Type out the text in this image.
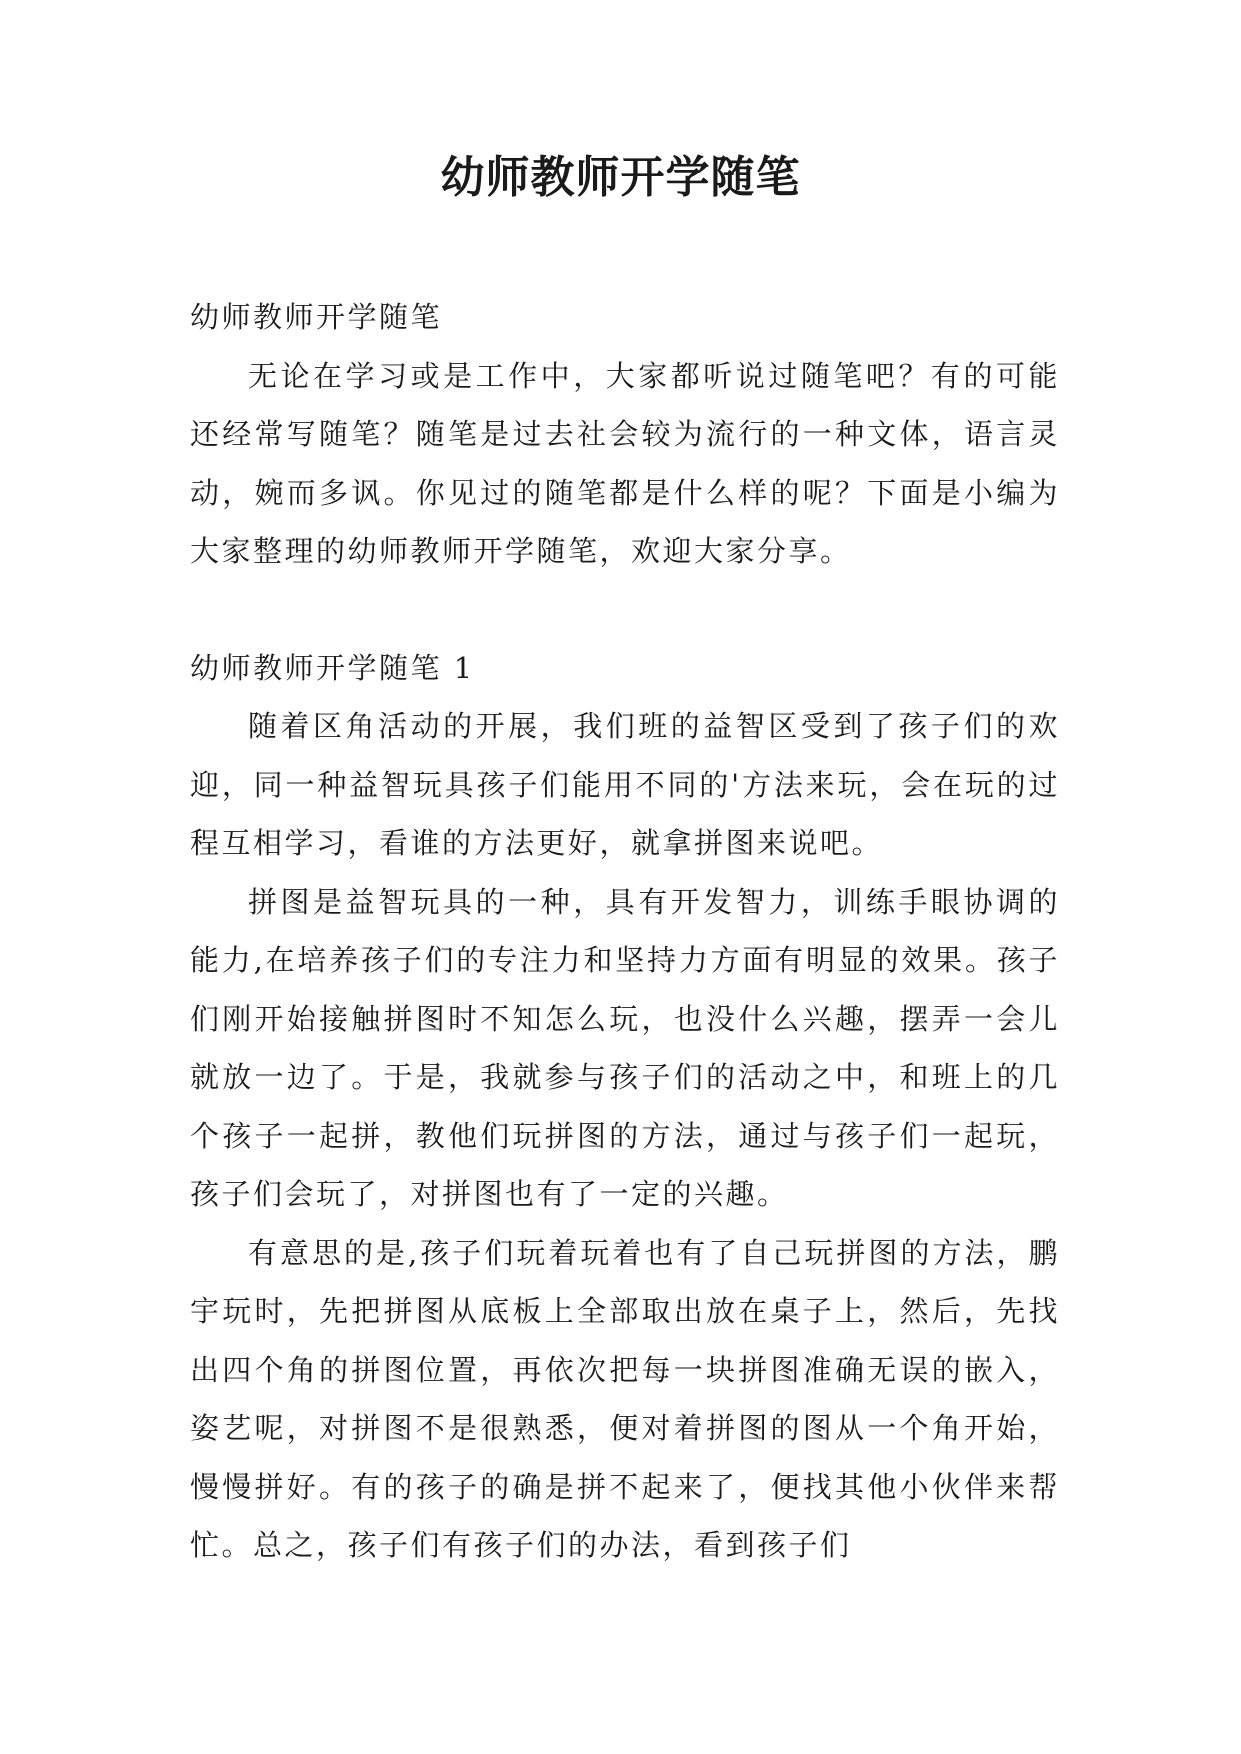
幼师教师开学随笔

幼师教师开学随笔

无论在学习或是工作中，大家都听说过随笔吧？有的可能还经常写随笔？随笔是过去社会较为流行的一种文体，语言灵动，婉而多讽。你见过的随笔都是什么样的呢？下面是小编为大家整理的幼师教师开学随笔，欢迎大家分享。

幼师教师开学随笔 1

随着区角活动的开展，我们班的益智区受到了孩子们的欢迎，同一种益智玩具孩子们能用不同的'方法来玩，会在玩的过程互相学习，看谁的方法更好，就拿拼图来说吧。

拼图是益智玩具的一种，具有开发智力，训练手眼协调的能力,在培养孩子们的专注力和坚持力方面有明显的效果。孩子们刚开始接触拼图时不知怎么玩，也没什么兴趣，摆弄一会儿就放一边了。于是，我就参与孩子们的活动之中，和班上的几个孩子一起拼，教他们玩拼图的方法，通过与孩子们一起玩，孩子们会玩了，对拼图也有了一定的兴趣。

有意思的是,孩子们玩着玩着也有了自己玩拼图的方法，鹏宇玩时，先把拼图从底板上全部取出放在桌子上，然后，先找出四个角的拼图位置，再依次把每一块拼图准确无误的嵌入，姿艺呢，对拼图不是很熟悉，便对着拼图的图从一个角开始，慢慢拼好。有的孩子的确是拼不起来了，便找其他小伙伴来帮忙。总之，孩子们有孩子们的办法，看到孩子们
